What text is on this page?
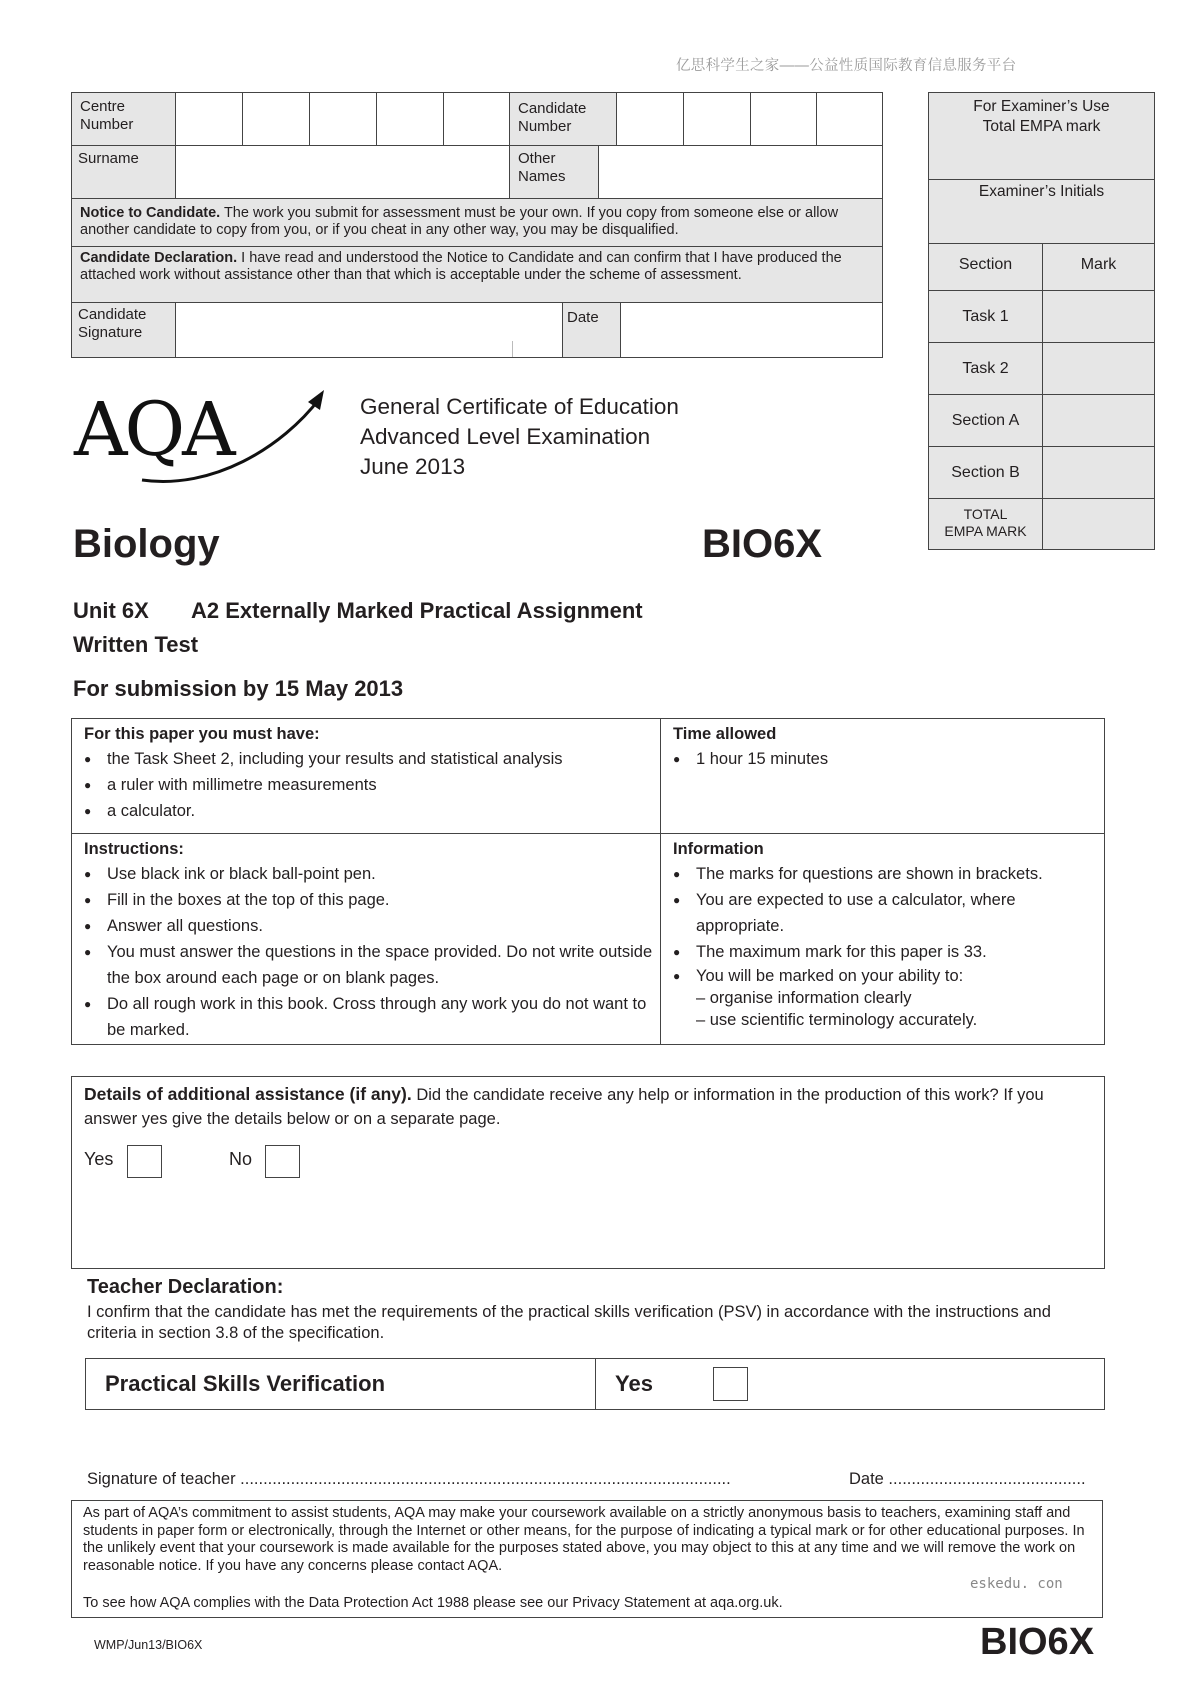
亿思科学生之家——公益性质国际教育信息服务平台
Centre
Number
Candidate
Number
Surname	Other
Names
Notice to Candidate. The work you submit for assessment must be your own. If you copy from someone else or allow another candidate to copy from you, or if you cheat in any other way, you may be disqualified.
Candidate Declaration. I have read and understood the Notice to Candidate and can confirm that I have produced the attached work without assistance other than that which is acceptable under the scheme of assessment.
Candidate
Signature
Date
For Examiner’s Use
Total EMPA mark
Examiner’s Initials
Section	Mark
Task 1
Task 2
Section A
Section B
TOTAL
EMPA MARK
AQA	General Certificate of Education
Advanced Level Examination
June 2013
Biology	BIO6X
Unit 6X A2 Externally Marked Practical Assignment
Written Test
For submission by 15 May 2013
For this paper you must have:
● the Task Sheet 2, including your results and statistical analysis
● a ruler with millimetre measurements
● a calculator.
Time allowed
● 1 hour 15 minutes
Instructions:
● Use black ink or black ball-point pen.
● Fill in the boxes at the top of this page.
● Answer all questions.
● You must answer the questions in the space provided. Do not write outside the box around each page or on blank pages.
● Do all rough work in this book. Cross through any work you do not want to be marked.
Information
● The marks for questions are shown in brackets.
● You are expected to use a calculator, where appropriate.
● The maximum mark for this paper is 33.
● You will be marked on your ability to:
– organise information clearly
– use scientific terminology accurately.
Details of additional assistance (if any). Did the candidate receive any help or information in the production of this work? If you answer yes give the details below or on a separate page.
Yes	No
Teacher Declaration:
I confirm that the candidate has met the requirements of the practical skills verification (PSV) in accordance with the instructions and criteria in section 3.8 of the specification.
Practical Skills Verification	Yes
Signature of teacher ...........................................................................................................	Date ...........................................
As part of AQA’s commitment to assist students, AQA may make your coursework available on a strictly anonymous basis to teachers, examining staff and students in paper form or electronically, through the Internet or other means, for the purpose of indicating a typical mark or for other educational purposes. In the unlikely event that your coursework is made available for the purposes stated above, you may object to this at any time and we will remove the work on reasonable notice. If you have any concerns please contact AQA.
eskedu. con
To see how AQA complies with the Data Protection Act 1988 please see our Privacy Statement at aqa.org.uk.
WMP/Jun13/BIO6X	BIO6X
